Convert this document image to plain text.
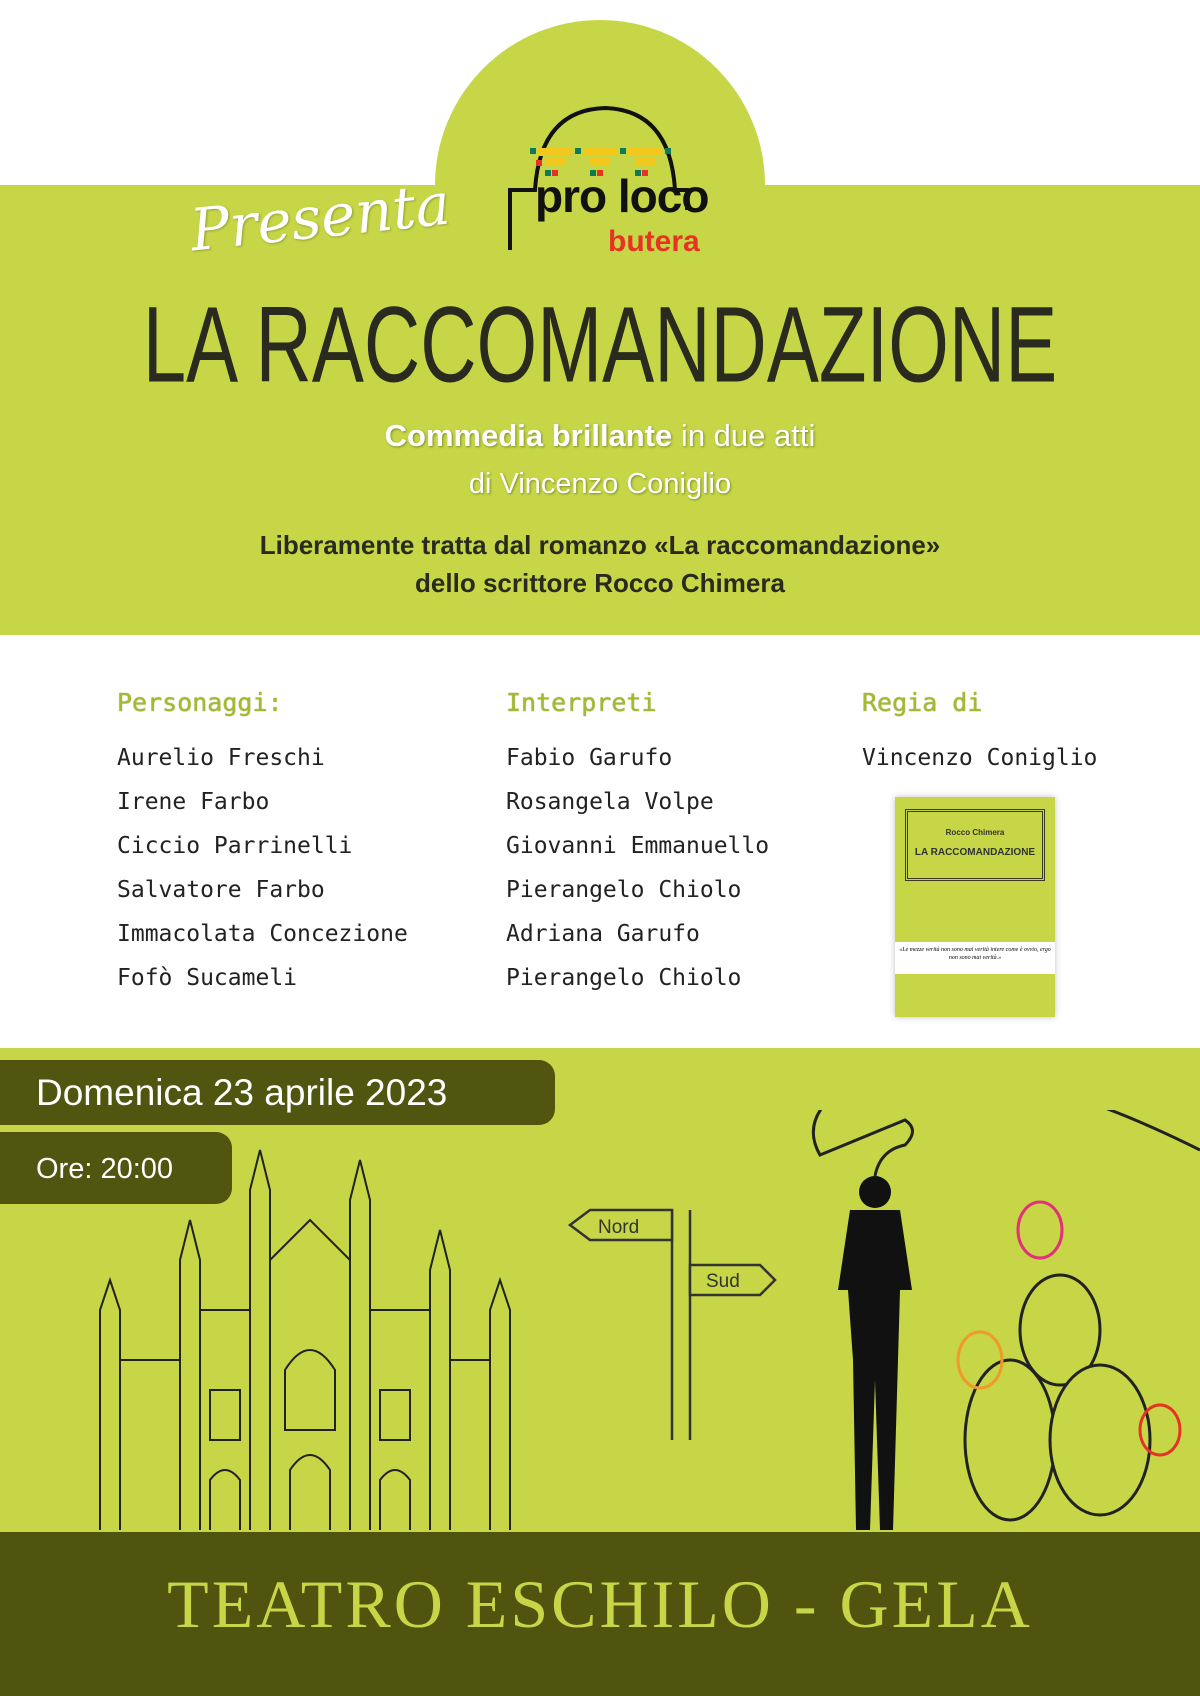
pro loco
butera
Presenta
LA RACCOMANDAZIONE
Commedia brillante in due atti
di Vincenzo Coniglio
Liberamente tratta dal romanzo «La raccomandazione»
dello scrittore Rocco Chimera
Personaggi:
Aurelio Freschi
Irene Farbo
Ciccio Parrinelli
Salvatore Farbo
Immacolata Concezione
Fofò Sucameli
Interpreti
Fabio Garufo
Rosangela Volpe
Giovanni Emmanuello
Pierangelo Chiolo
Adriana Garufo
Pierangelo Chiolo
Regia di
Vincenzo Coniglio

Rocco Chimera

LA RACCOMANDAZIONE

«Le mezze verità non sono mai verità intere come è ovvio, ergo non sono mai verità.»
Domenica 23 aprile 2023
Ore: 20:00
Nord
Sud
TEATRO ESCHILO - GELA
